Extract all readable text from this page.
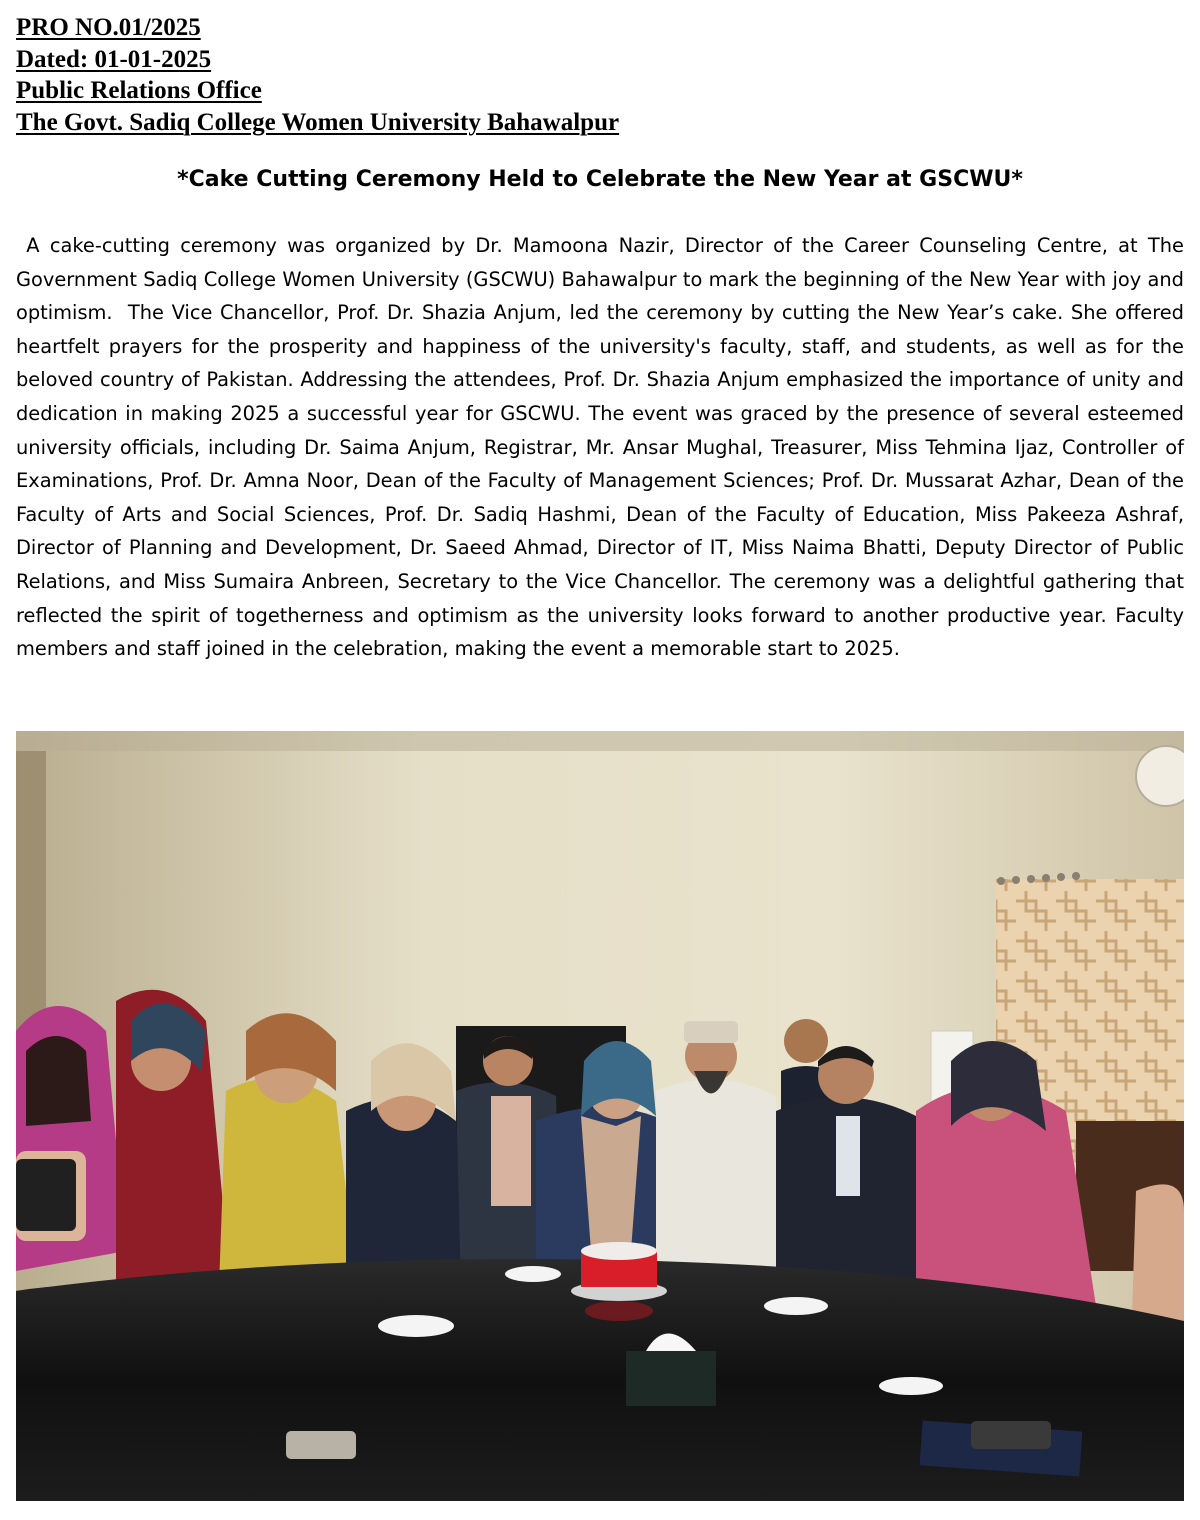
PRO NO.01/2025
Dated: 01-01-2025
Public Relations Office
The Govt. Sadiq College Women University Bahawalpur
*Cake Cutting Ceremony Held to Celebrate the New Year at GSCWU*

A cake-cutting ceremony was organized by Dr. Mamoona Nazir, Director of the Career Counseling Centre, at The Government Sadiq College Women University (GSCWU) Bahawalpur to mark the beginning of the New Year with joy and optimism.  The Vice Chancellor, Prof. Dr. Shazia Anjum, led the ceremony by cutting the New Year’s cake. She offered heartfelt prayers for the prosperity and happiness of the university's faculty, staff, and students, as well as for the beloved country of Pakistan. Addressing the attendees, Prof. Dr. Shazia Anjum emphasized the importance of unity and dedication in making 2025 a successful year for GSCWU. The event was graced by the presence of several esteemed university officials, including Dr. Saima Anjum, Registrar, Mr. Ansar Mughal, Treasurer, Miss Tehmina Ijaz, Controller of Examinations, Prof. Dr. Amna Noor, Dean of the Faculty of Management Sciences; Prof. Dr. Mussarat Azhar, Dean of the Faculty of Arts and Social Sciences, Prof. Dr. Sadiq Hashmi, Dean of the Faculty of Education, Miss Pakeeza Ashraf, Director of Planning and Development, Dr. Saeed Ahmad, Director of IT, Miss Naima Bhatti, Deputy Director of Public Relations, and Miss Sumaira Anbreen, Secretary to the Vice Chancellor. The ceremony was a delightful gathering that reflected the spirit of togetherness and optimism as the university looks forward to another productive year. Faculty members and staff joined in the celebration, making the event a memorable start to 2025.
